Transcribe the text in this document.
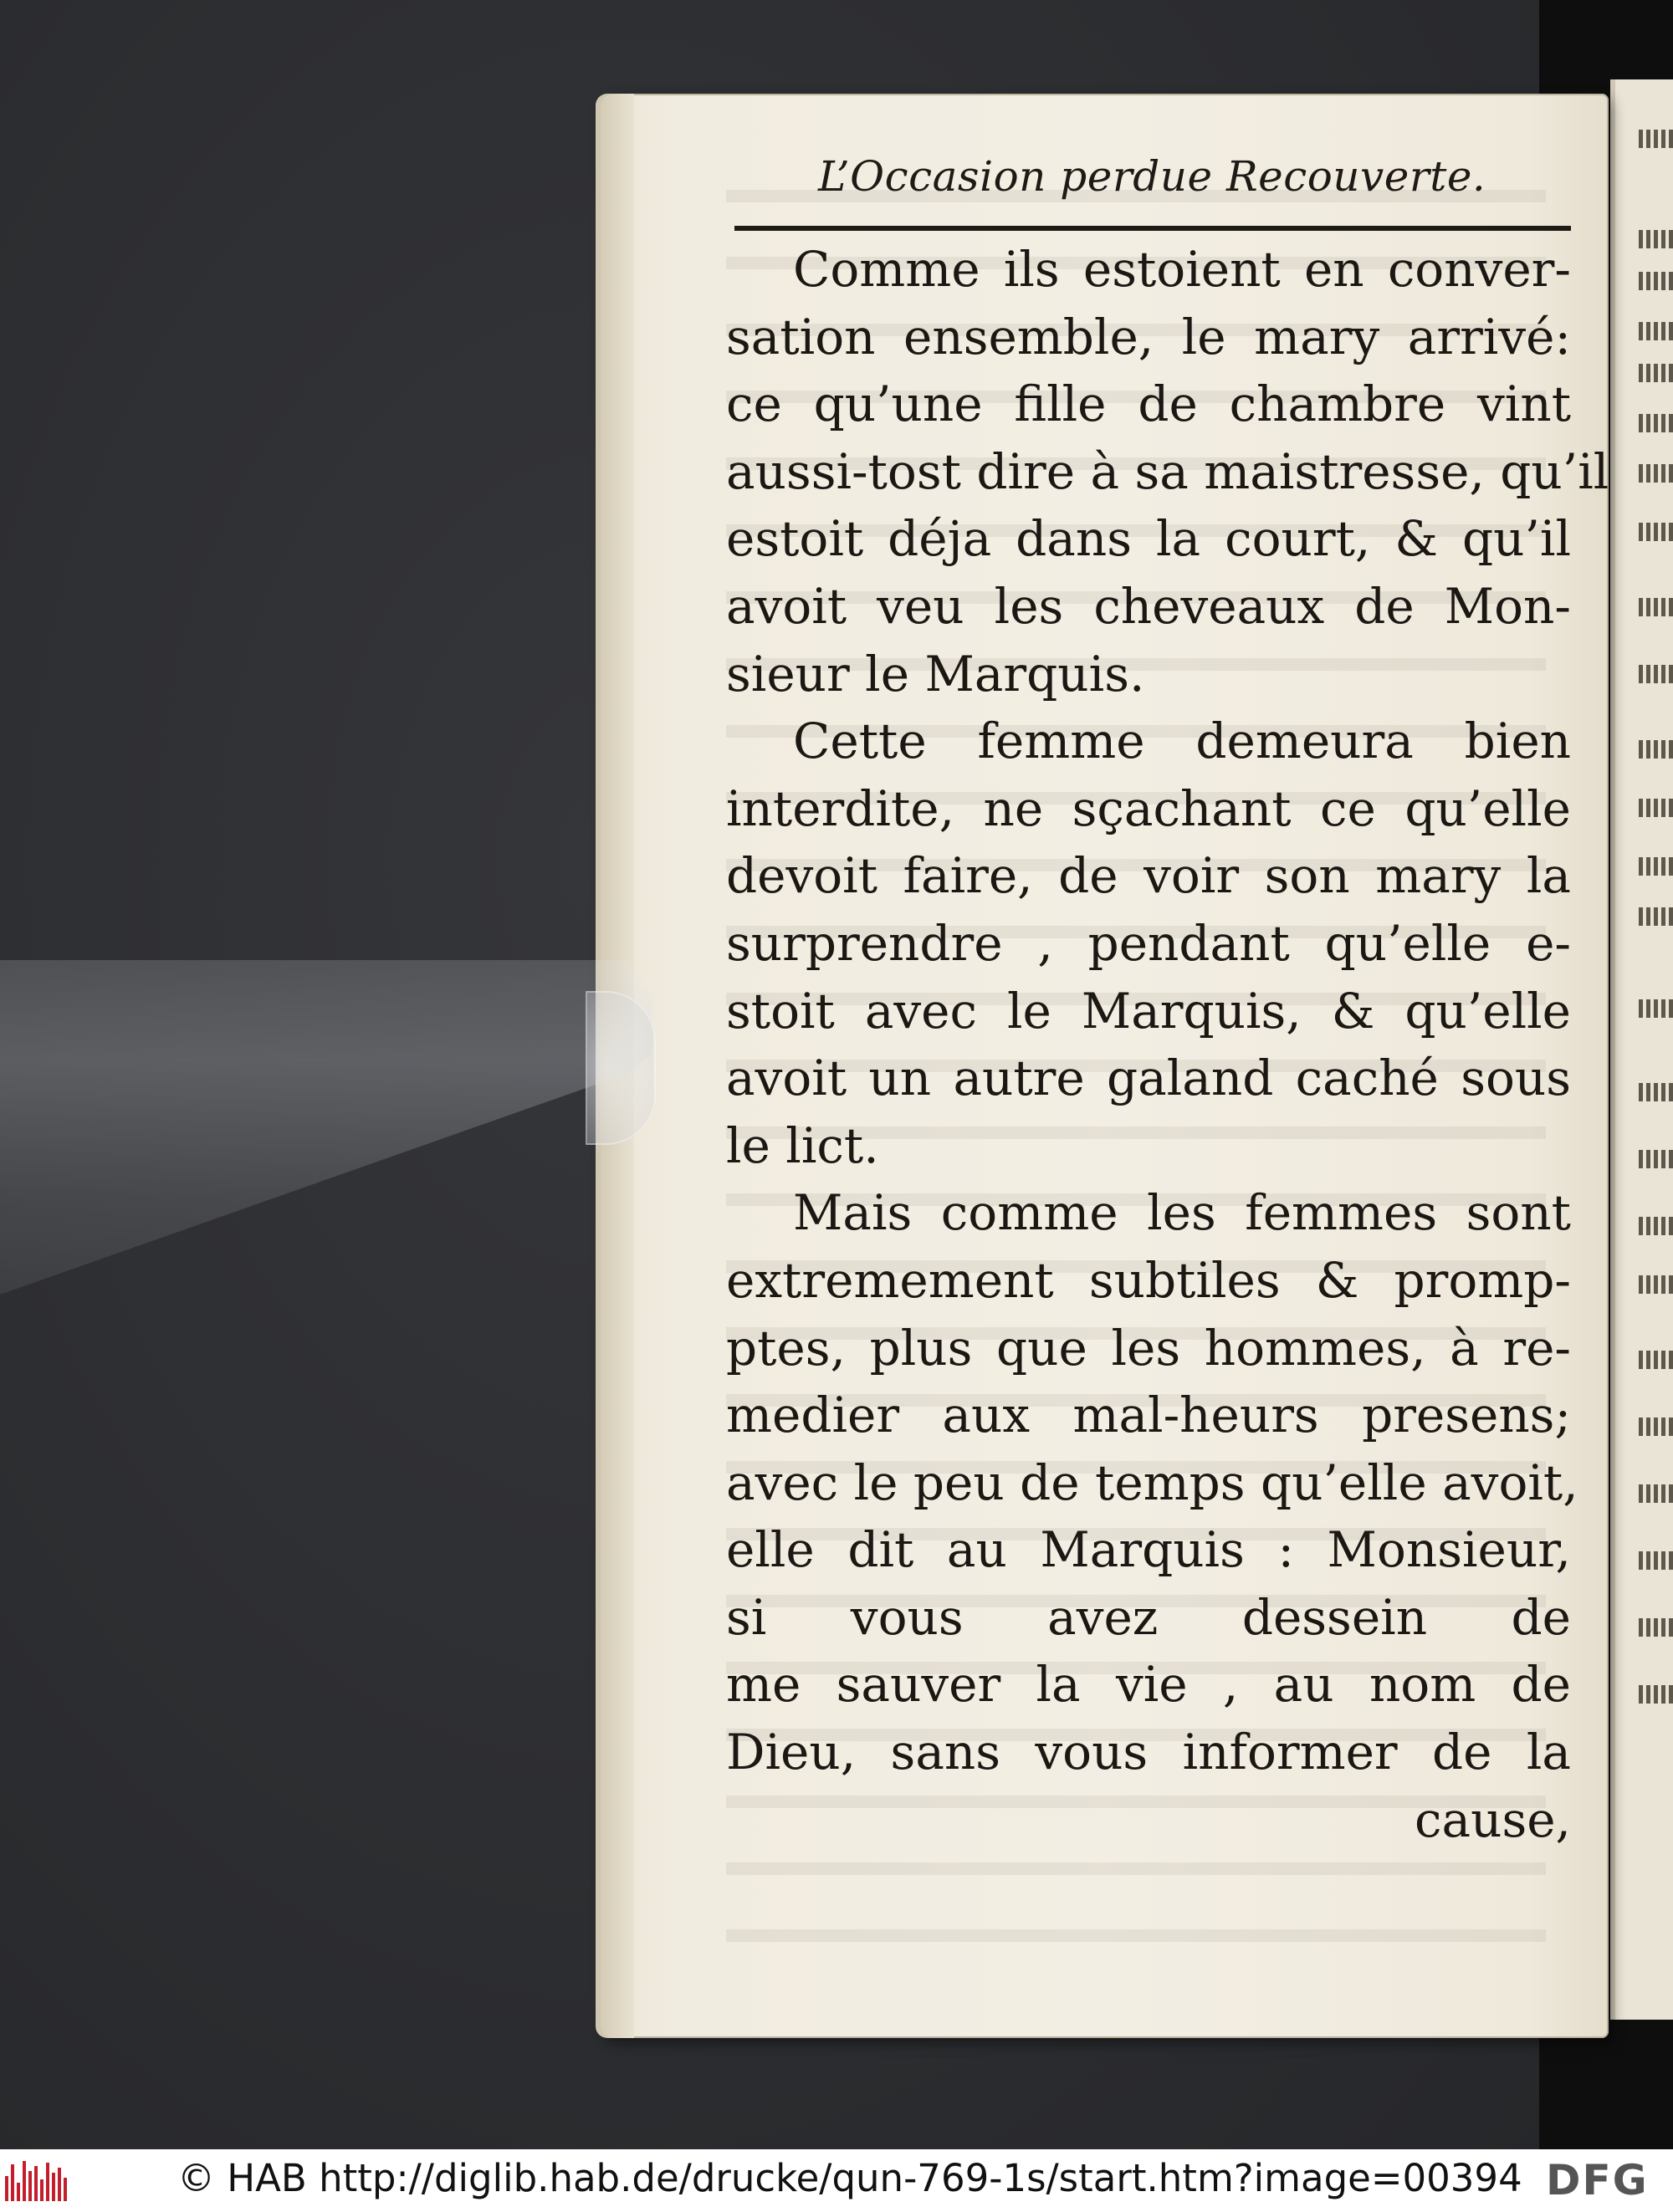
L’Occasion perdue Recouverte.
Comme ils estoient en conver-
sation ensemble, le mary arrivé:
ce qu’une fille de chambre vint
aussi-tost dire à sa maistresse, qu’il
estoit déja dans la court, & qu’il
avoit veu les cheveaux de Mon-
sieur le Marquis.
Cette femme demeura bien
interdite, ne sçachant ce qu’elle
devoit faire, de voir son mary la
surprendre , pendant qu’elle e-
stoit avec le Marquis, & qu’elle
avoit un autre galand caché sous
le lict.
Mais comme les femmes sont
extremement subtiles & promp-
ptes, plus que les hommes, à re-
medier aux mal-heurs presens;
avec le peu de temps qu’elle avoit,
elle dit au Marquis : Monsieur,
si vous avez dessein de
me sauver la vie , au nom de
Dieu, sans vous informer de la
cause,
© HAB http://diglib.hab.de/drucke/qun-769-1s/start.htm?image=00394 DFG
